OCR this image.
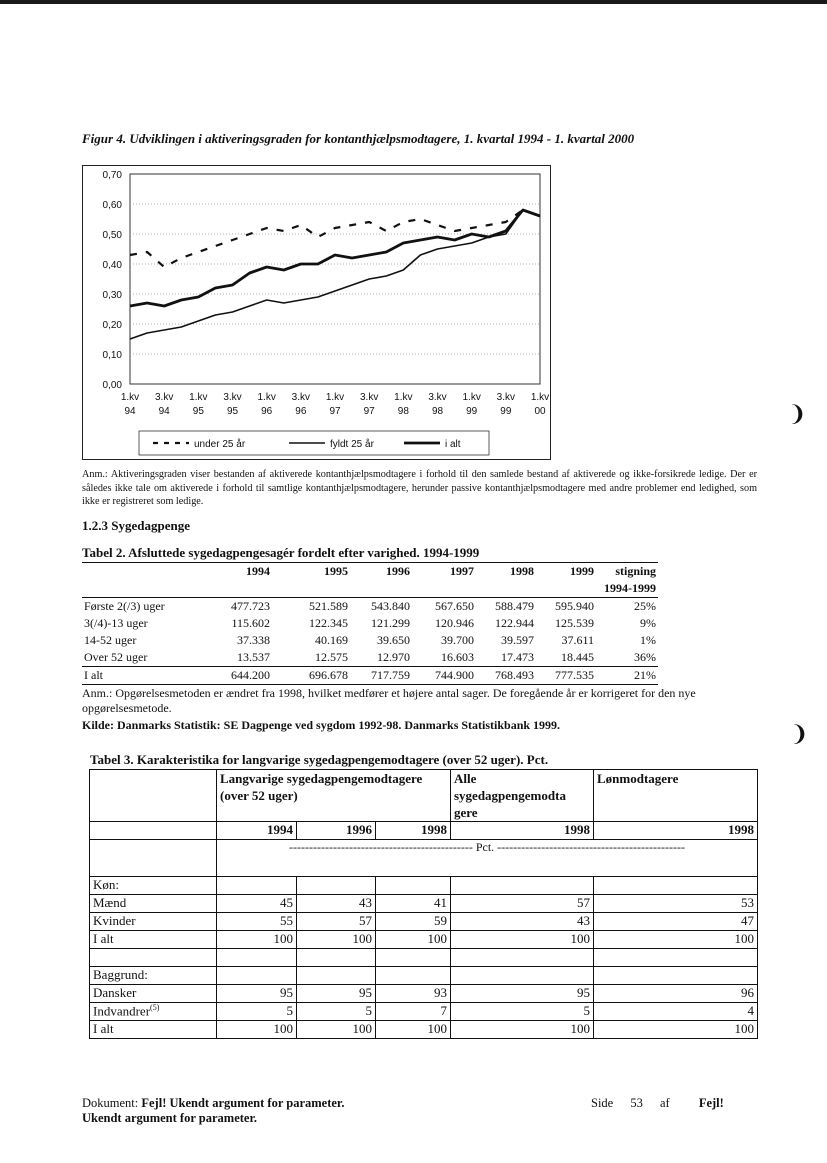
Figur 4. Udviklingen i aktiveringsgraden for kontanthjælpsmodtagere, 1. kvartal 1994 - 1. kvartal 2000
0,70
0,60
0,50
0,40
0,30
0,20
0,10
0,00
1.kv
94
3.kv
94
1.kv
95
3.kv
95
1.kv
96
3.kv
96
1.kv
97
3.kv
97
1.kv
98
3.kv
98
1.kv
99
3.kv
99
1.kv
00
under 25 år	fyldt 25 år	i alt
Anm.: Aktiveringsgraden viser bestanden af aktiverede kontanthjælpsmodtagere i forhold til den samlede bestand af aktiverede og ikke-forsikrede ledige. Der er således ikke tale om aktiverede i forhold til samtlige kontanthjælpsmodtagere, herunder passive kontanthjælpsmodtagere med andre problemer end ledighed, som ikke er registreret som ledige.
1.2.3 Sygedagpenge
Tabel 2. Afsluttede sygedagpengesagér fordelt efter varighed. 1994-1999
	1994	1995	1996	1997	1998	1999	stigning
							1994-1999
Første 2(/3) uger	477.723	521.589	543.840	567.650	588.479	595.940	25%
3(/4)-13 uger	115.602	122.345	121.299	120.946	122.944	125.539	9%
14-52 uger	37.338	40.169	39.650	39.700	39.597	37.611	1%
Over 52 uger	13.537	12.575	12.970	16.603	17.473	18.445	36%
I alt	644.200	696.678	717.759	744.900	768.493	777.535	21%
Anm.: Opgørelsesmetoden er ændret fra 1998, hvilket medfører et højere antal sager. De foregående år er korrigeret for den nye opgørelsesmetode.
Kilde: Danmarks Statistik: SE Dagpenge ved sygdom 1992-98. Danmarks Statistikbank 1999.
Tabel 3. Karakteristika for langvarige sygedagpengemodtagere (over 52 uger). Pct.
	Langvarige sygedagpengemodtagere (over 52 uger)			Alle sygedagpengemodta gere	Lønmodtagere
	1994	1996	1998	1998	1998
	---------------------------------------------- Pct. -----------------------------------------------				
Køn:					
Mænd	45	43	41	57	53
Kvinder	55	57	59	43	47
I alt	100	100	100	100	100

Baggrund:					
Dansker	95	95	93	95	96
Indvandrer$^{(5)}$	5	5	7	5	4
I alt	100	100	100	100	100
Dokument: Fejl! Ukendt argument for parameter.
Ukendt argument for parameter.
Side 53 af Fejl!
❩
❩
